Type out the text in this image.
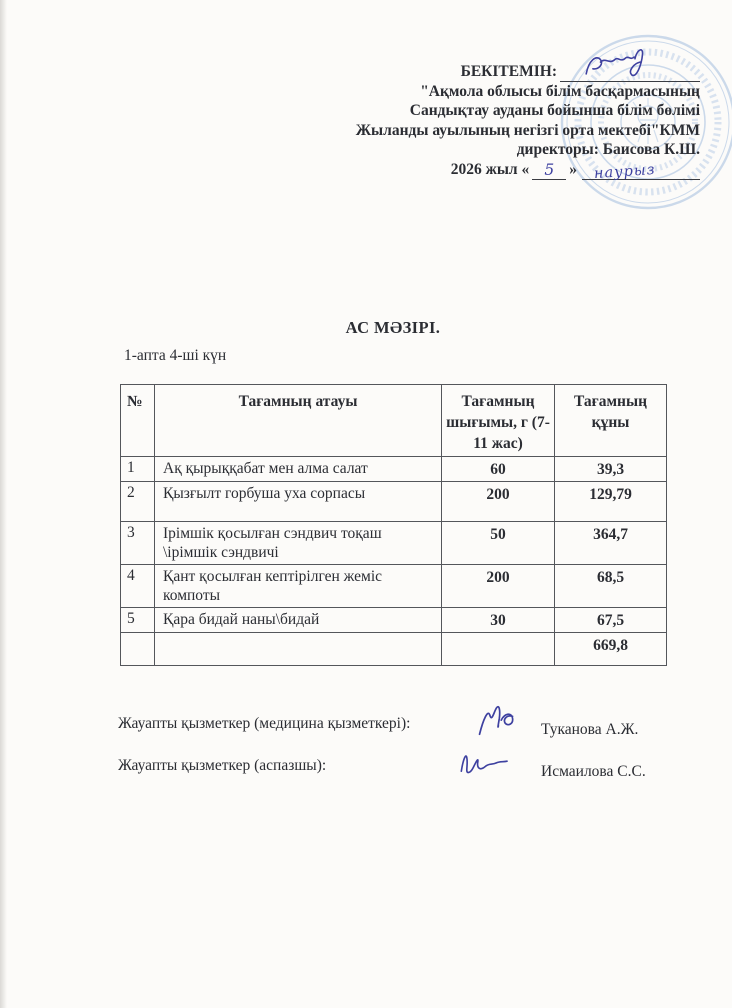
БЕКІТЕМІН:
"Ақмола облысы білім басқармасының
Сандықтау ауданы бойынша білім бөлімі
Жыланды ауылының негізгі орта мектебі"КММ
директоры: Баисова К.Ш.
2026 жыл « 5 » наурыз
АС МӘЗІРІ.
1-апта 4-ші күн
№	Тағамның атауы	Тағамның шығымы, г (7-11 жас)	Тағамның құны
1	Ақ қырыққабат мен алма салат	60	39,3
2	Қызғылт горбуша уха сорпасы	200	129,79
3	Ірімшік қосылған сэндвич тоқаш \ірімшік сэндвичі	50	364,7
4	Қант қосылған кептірілген жеміс компоты	200	68,5
5	Қара бидай наны\бидай	30	67,5
			669,8
Жауапты қызметкер (медицина қызметкері):	Туканова А.Ж.
Жауапты қызметкер (аспазшы):	Исмаилова С.С.
